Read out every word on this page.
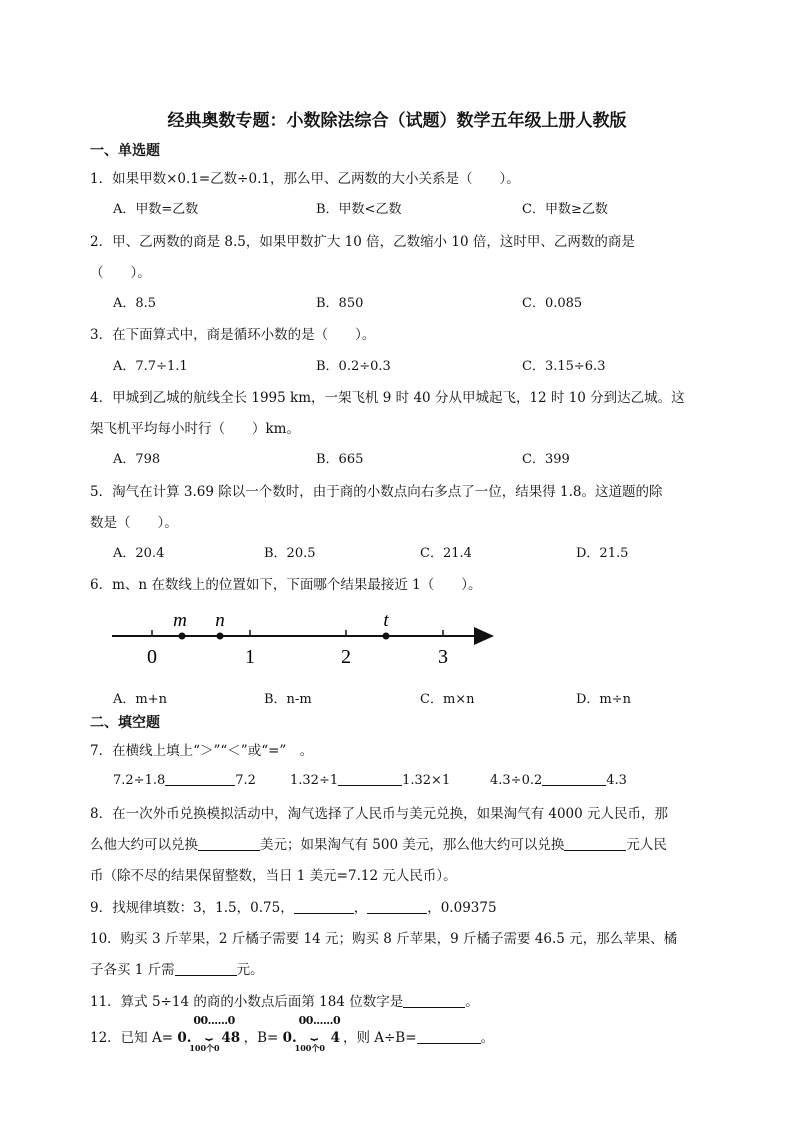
经典奥数专题：小数除法综合（试题）数学五年级上册人教版
一、单选题
1．如果甲数×0.1=乙数÷0.1，那么甲、乙两数的大小关系是（　　）。
A．甲数=乙数	B．甲数<乙数	C．甲数≥乙数
2．甲、乙两数的商是 8.5，如果甲数扩大 10 倍，乙数缩小 10 倍，这时甲、乙两数的商是
（　　）。
A．8.5	B．850	C．0.085
3．在下面算式中，商是循环小数的是（　　）。
A．7.7÷1.1	B．0.2÷0.3	C．3.15÷6.3
4．甲城到乙城的航线全长 1995 km，一架飞机 9 时 40 分从甲城起飞，12 时 10 分到达乙城。这
架飞机平均每小时行（　　）km。
A．798	B．665	C．399
5．淘气在计算 3.69 除以一个数时，由于商的小数点向右多点了一位，结果得 1.8。这道题的除
数是（　　）。
A．20.4	B．20.5	C．21.4	D．21.5
6．m、n 在数线上的位置如下，下面哪个结果最接近 1（　　）。
0	1	2	3
m n	t
A．m+n	B．n-m	C．m×n	D．m÷n
二、填空题
7．在横线上填上“＞”“＜”或“=”　。
7.2÷1.8	7.2	1.32÷1	1.32×1	4.3÷0.2	4.3
8．在一次外币兑换模拟活动中，淘气选择了人民币与美元兑换，如果淘气有 4000 元人民币，那
么他大约可以兑换	美元；如果淘气有 500 美元，那么他大约可以兑换	元人民
币（除不尽的结果保留整数，当日 1 美元=7.12 元人民币）。
9．找规律填数：3，1.5，0.75，	，	，0.09375
10．购买 3 斤苹果，2 斤橘子需要 14 元；购买 8 斤苹果，9 斤橘子需要 46.5 元，那么苹果、橘
子各买 1 斤需	元。
11．算式 5÷14 的商的小数点后面第 184 位数字是	。
12．已知 A= 0.
00......0
⏟
100个0
48 ，B= 0.
00......0
⏟
100个0
4 ，则 A÷B=	。
